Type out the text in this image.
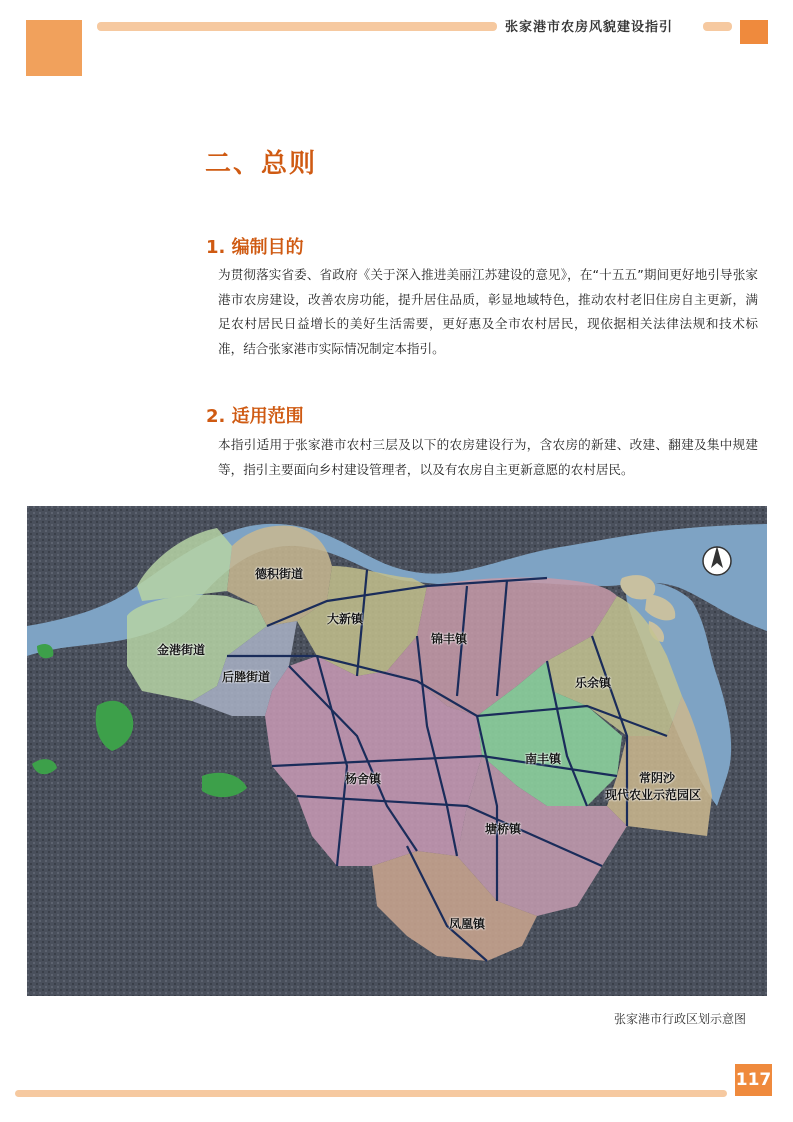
张家港市农房风貌建设指引
二、总则
1. 编制目的
为贯彻落实省委、省政府《关于深入推进美丽江苏建设的意见》，在“十五五”期间更好地引导张家港市农房建设，改善农房功能，提升居住品质，彰显地域特色，推动农村老旧住房自主更新，满足农村居民日益增长的美好生活需要，更好惠及全市农村居民，现依据相关法律法规和技术标准，结合张家港市实际情况制定本指引。
2. 适用范围
本指引适用于张家港市农村三层及以下的农房建设行为，含农房的新建、改建、翻建及集中规建等，指引主要面向乡村建设管理者，以及有农房自主更新意愿的农村居民。
德积街道
大新镇
锦丰镇
金港街道
后塍街道	乐余镇
南丰镇
杨舍镇
塘桥镇
凤凰镇
常阴沙
现代农业示范园区
张家港市行政区划示意图
117
